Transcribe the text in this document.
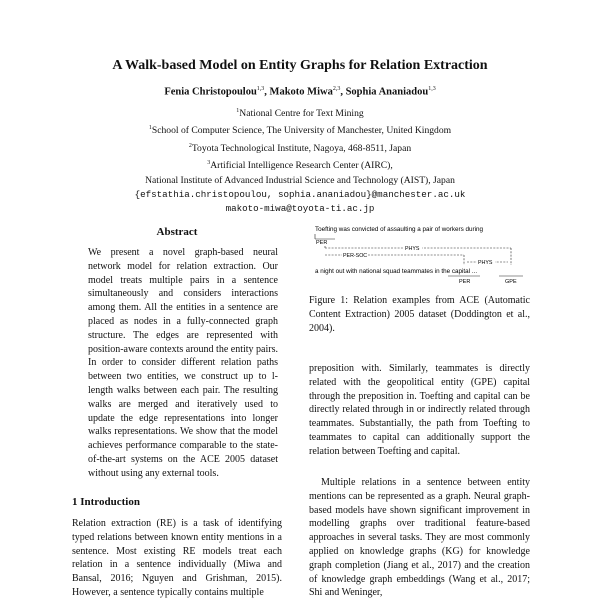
A Walk-based Model on Entity Graphs for Relation Extraction
Fenia Christopoulou$^{1,3}$, Makoto Miwa$^{2,3}$, Sophia Ananiadou$^{1,3}$
$^1$National Centre for Text Mining
$^1$School of Computer Science, The University of Manchester, United Kingdom
$^2$Toyota Technological Institute, Nagoya, 468-8511, Japan
$^3$Artificial Intelligence Research Center (AIRC),
National Institute of Advanced Industrial Science and Technology (AIST), Japan
{efstathia.christopoulou, sophia.ananiadou}@manchester.ac.uk
makoto-miwa@toyota-ti.ac.jp
Abstract

We present a novel graph-based neural network model for relation extraction. Our model treats multiple pairs in a sentence simultaneously and considers interactions among them. All the entities in a sentence are placed as nodes in a fully-connected graph structure. The edges are represented with position-aware contexts around the entity pairs. In order to consider different relation paths between two entities, we construct up to l-length walks between each pair. The resulting walks are merged and iteratively used to update the edge representations into longer walks representations. We show that the model achieves performance comparable to the state-of-the-art systems on the ACE 2005 dataset without using any external tools.

1 Introduction

Relation extraction (RE) is a task of identifying typed relations between known entity mentions in a sentence. Most existing RE models treat each relation in a sentence individually (Miwa and Bansal, 2016; Nguyen and Grishman, 2015). However, a sentence typically contains multiple

Toefting was convicted of assaulting a pair of workers during
a night out with national squad teammates in the capital ...
PER
PHYS
PER-SOC
PHYS
PER	GPE

Figure 1: Relation examples from ACE (Automatic Content Extraction) 2005 dataset (Doddington et al., 2004).

preposition with. Similarly, teammates is directly related with the geopolitical entity (GPE) capital through the preposition in. Toefting and capital can be directly related through in or indirectly related through teammates. Substantially, the path from Toefting to teammates to capital can additionally support the relation between Toefting and capital.

Multiple relations in a sentence between entity mentions can be represented as a graph. Neural graph-based models have shown significant improvement in modelling graphs over traditional feature-based approaches in several tasks. They are most commonly applied on knowledge graphs (KG) for knowledge graph completion (Jiang et al., 2017) and the creation of knowledge graph embeddings (Wang et al., 2017; Shi and Weninger,
